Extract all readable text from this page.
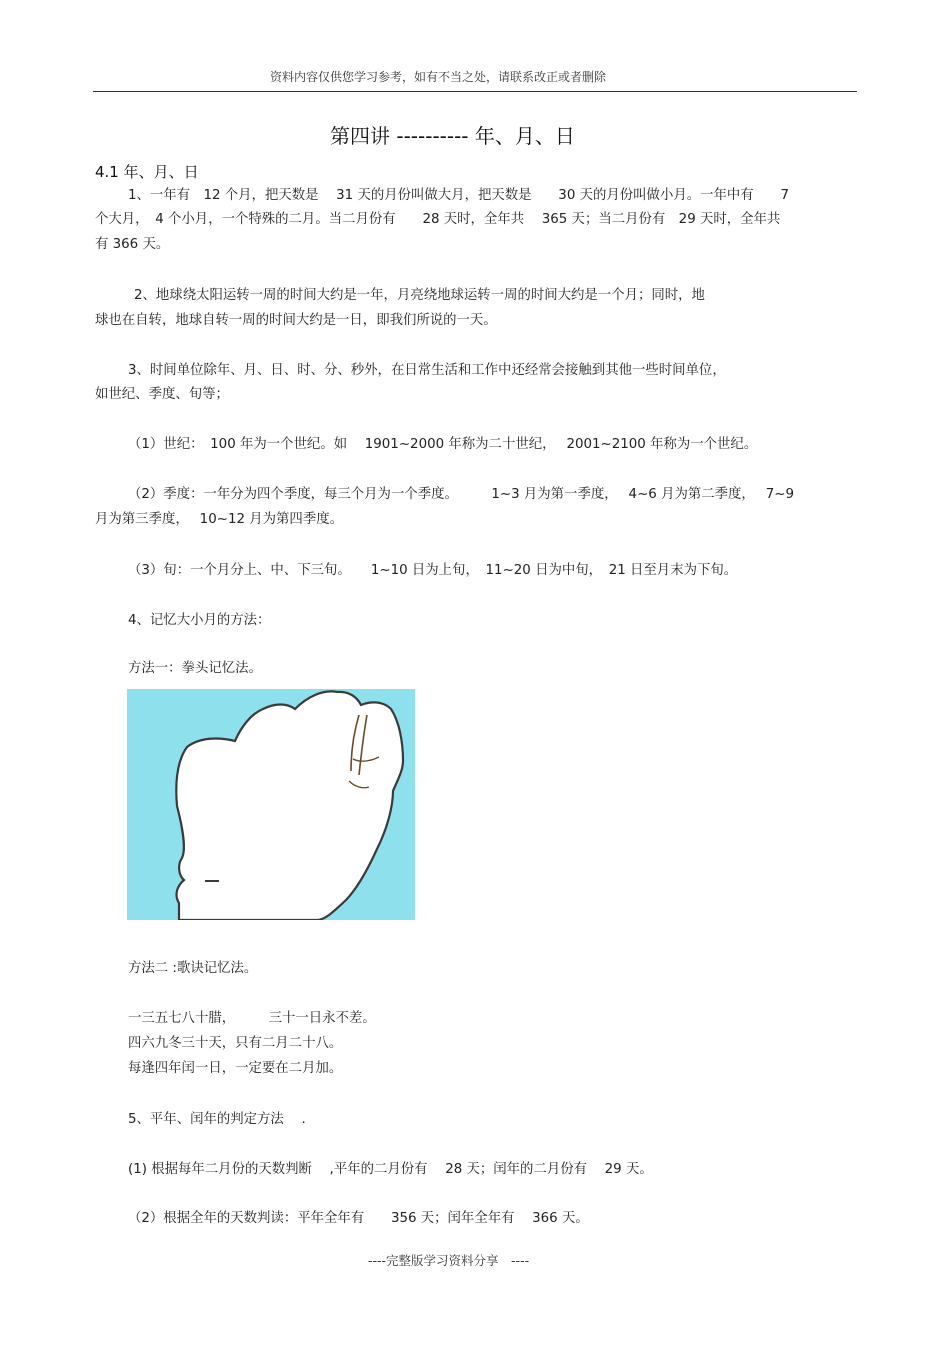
资料内容仅供您学习参考，如有不当之处，请联系改正或者删除
第四讲 ---------- 年、月、日
4.1 年、月、日
1、一年有　12 个月，把天数是　 31 天的月份叫做大月，把天数是　　30 天的月份叫做小月。一年中有　　7
个大月，　4 个小月，一个特殊的二月。当二月份有　　28 天时，全年共　 365 天；当二月份有　29 天时，全年共
有 366 天。
2、地球绕太阳运转一周的时间大约是一年，月亮绕地球运转一周的时间大约是一个月；同时，地
球也在自转，地球自转一周的时间大约是一日，即我们所说的一天。
3、时间单位除年、月、日、时、分、秒外，在日常生活和工作中还经常会接触到其他一些时间单位，
如世纪、季度、旬等；
（1）世纪：　100 年为一个世纪。如　 1901~2000 年称为二十世纪，　 2001~2100 年称为一个世纪。
（2）季度：一年分为四个季度，每三个月为一个季度。　　　1~3 月为第一季度，　 4~6 月为第二季度，　 7~9
月为第三季度，　 10~12 月为第四季度。
（3）旬：一个月分上、中、下三旬。　　1~10 日为上旬，　11~20 日为中旬，　21 日至月末为下旬。
4、记忆大小月的方法：
方法一：拳头记忆法。
方法二 :歌诀记忆法。
一三五七八十腊，　　　三十一日永不差。
四六九冬三十天，只有二月二十八。
每逢四年闰一日，一定要在二月加。
5、平年、闰年的判定方法　 .
(1) 根据每年二月份的天数判断　 ,平年的二月份有　 28 天；闰年的二月份有　 29 天。
（2）根据全年的天数判读：平年全年有　　356 天；闰年全年有　 366 天。
----完整版学习资料分享　----
